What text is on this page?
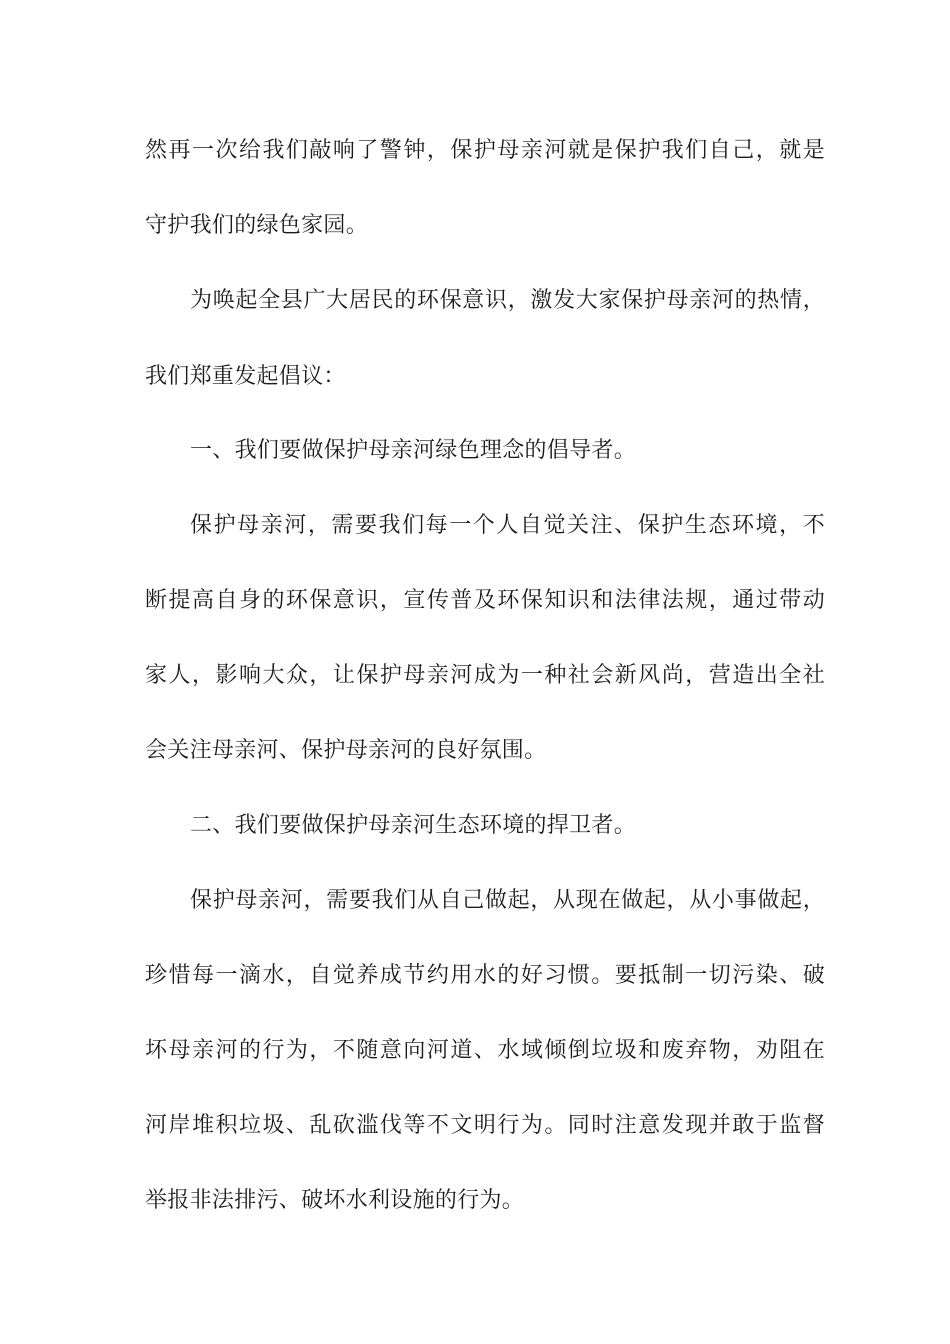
然再一次给我们敲响了警钟，保护母亲河就是保护我们自己，就是
守护我们的绿色家园。
为唤起全县广大居民的环保意识，激发大家保护母亲河的热情，
我们郑重发起倡议：
一、我们要做保护母亲河绿色理念的倡导者。
保护母亲河，需要我们每一个人自觉关注、保护生态环境，不
断提高自身的环保意识，宣传普及环保知识和法律法规，通过带动
家人，影响大众，让保护母亲河成为一种社会新风尚，营造出全社
会关注母亲河、保护母亲河的良好氛围。
二、我们要做保护母亲河生态环境的捍卫者。
保护母亲河，需要我们从自己做起，从现在做起，从小事做起，
珍惜每一滴水，自觉养成节约用水的好习惯。要抵制一切污染、破
坏母亲河的行为，不随意向河道、水域倾倒垃圾和废弃物，劝阻在
河岸堆积垃圾、乱砍滥伐等不文明行为。同时注意发现并敢于监督
举报非法排污、破坏水利设施的行为。
